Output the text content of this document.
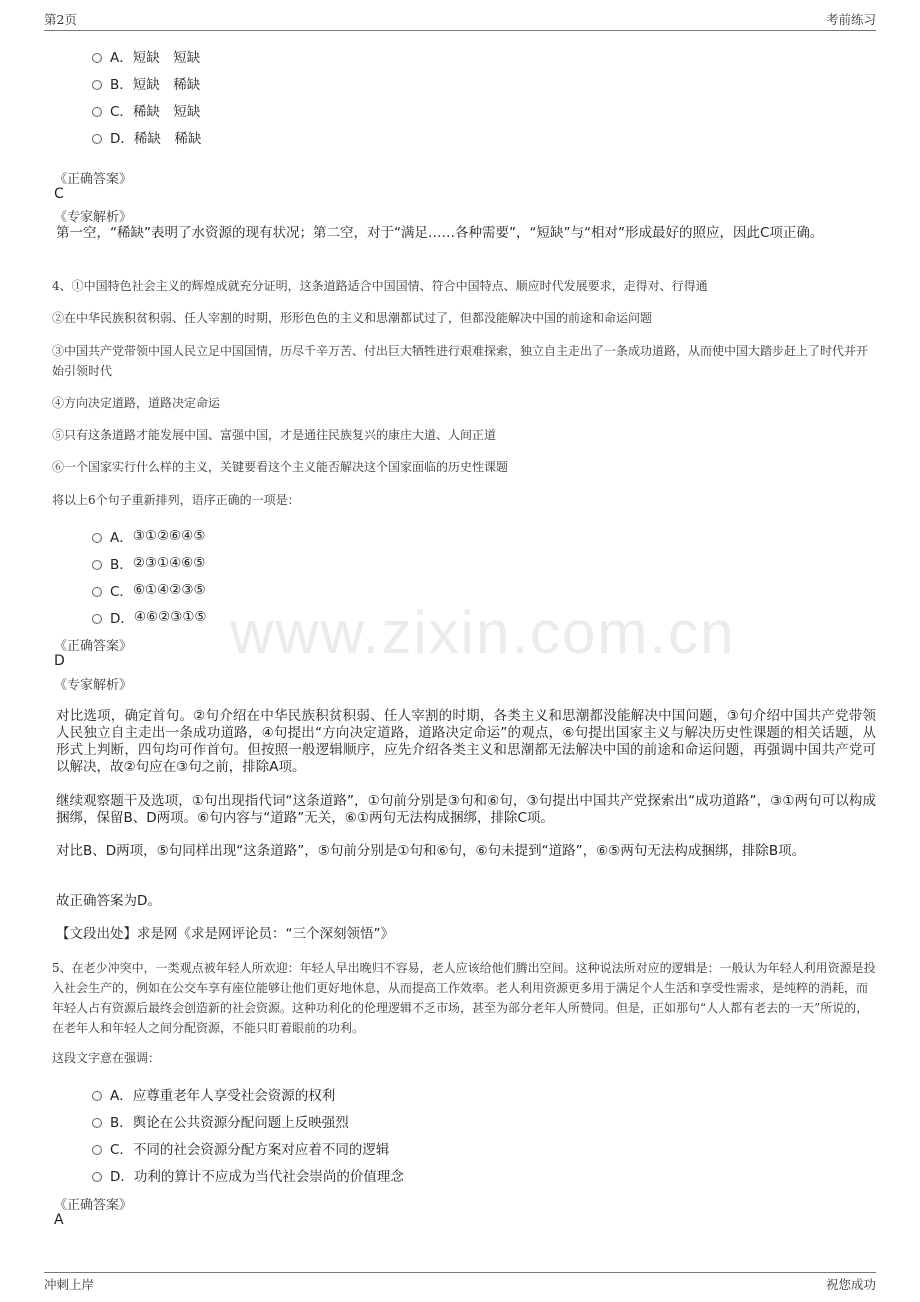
www.zixin.com.cn
第2页	考前练习
A． 短缺　短缺
B． 短缺　稀缺
C． 稀缺　短缺
D． 稀缺　稀缺
《正确答案》
C
《专家解析》
第一空，“稀缺”表明了水资源的现有状况；第二空，对于“满足……各种需要”，“短缺”与“相对”形成最好的照应，因此C项正确。
4、①中国特色社会主义的辉煌成就充分证明，这条道路适合中国国情、符合中国特点、顺应时代发展要求，走得对、行得通
②在中华民族积贫积弱、任人宰割的时期，形形色色的主义和思潮都试过了，但都没能解决中国的前途和命运问题
③中国共产党带领中国人民立足中国国情，历尽千辛万苦、付出巨大牺牲进行艰难探索，独立自主走出了一条成功道路，从而使中国大踏步赶上了时代并开始引领时代
④方向决定道路，道路决定命运
⑤只有这条道路才能发展中国、富强中国，才是通往民族复兴的康庄大道、人间正道
⑥一个国家实行什么样的主义，关键要看这个主义能否解决这个国家面临的历史性课题
将以上6个句子重新排列，语序正确的一项是：
A． ③①②⑥④⑤
B． ②③①④⑥⑤
C． ⑥①④②③⑤
D． ④⑥②③①⑤
《正确答案》
D
《专家解析》
对比选项，确定首句。②句介绍在中华民族积贫积弱、任人宰割的时期，各类主义和思潮都没能解决中国问题，③句介绍中国共产党带领人民独立自主走出一条成功道路，④句提出“方向决定道路，道路决定命运”的观点，⑥句提出国家主义与解决历史性课题的相关话题，从形式上判断，四句均可作首句。但按照一般逻辑顺序，应先介绍各类主义和思潮都无法解决中国的前途和命运问题，再强调中国共产党可以解决，故②句应在③句之前，排除A项。
继续观察题干及选项，①句出现指代词“这条道路”，①句前分别是③句和⑥句，③句提出中国共产党探索出“成功道路”，③①两句可以构成捆绑，保留B、D两项。⑥句内容与“道路”无关，⑥①两句无法构成捆绑，排除C项。
对比B、D两项，⑤句同样出现“这条道路”，⑤句前分别是①句和⑥句，⑥句未提到“道路”，⑥⑤两句无法构成捆绑，排除B项。
故正确答案为D。
【文段出处】求是网《求是网评论员：“三个深刻领悟”》
5、在老少冲突中，一类观点被年轻人所欢迎：年轻人早出晚归不容易，老人应该给他们腾出空间。这种说法所对应的逻辑是：一般认为年轻人利用资源是投入社会生产的，例如在公交车享有座位能够让他们更好地休息，从而提高工作效率。老人利用资源更多用于满足个人生活和享受性需求，是纯粹的消耗，而年轻人占有资源后最终会创造新的社会资源。这种功利化的伦理逻辑不乏市场，甚至为部分老年人所赞同。但是，正如那句“人人都有老去的一天”所说的，在老年人和年轻人之间分配资源，不能只盯着眼前的功利。
这段文字意在强调：
A． 应尊重老年人享受社会资源的权利
B． 舆论在公共资源分配问题上反映强烈
C． 不同的社会资源分配方案对应着不同的逻辑
D． 功利的算计不应成为当代社会崇尚的价值理念
《正确答案》
A
冲刺上岸	祝您成功
